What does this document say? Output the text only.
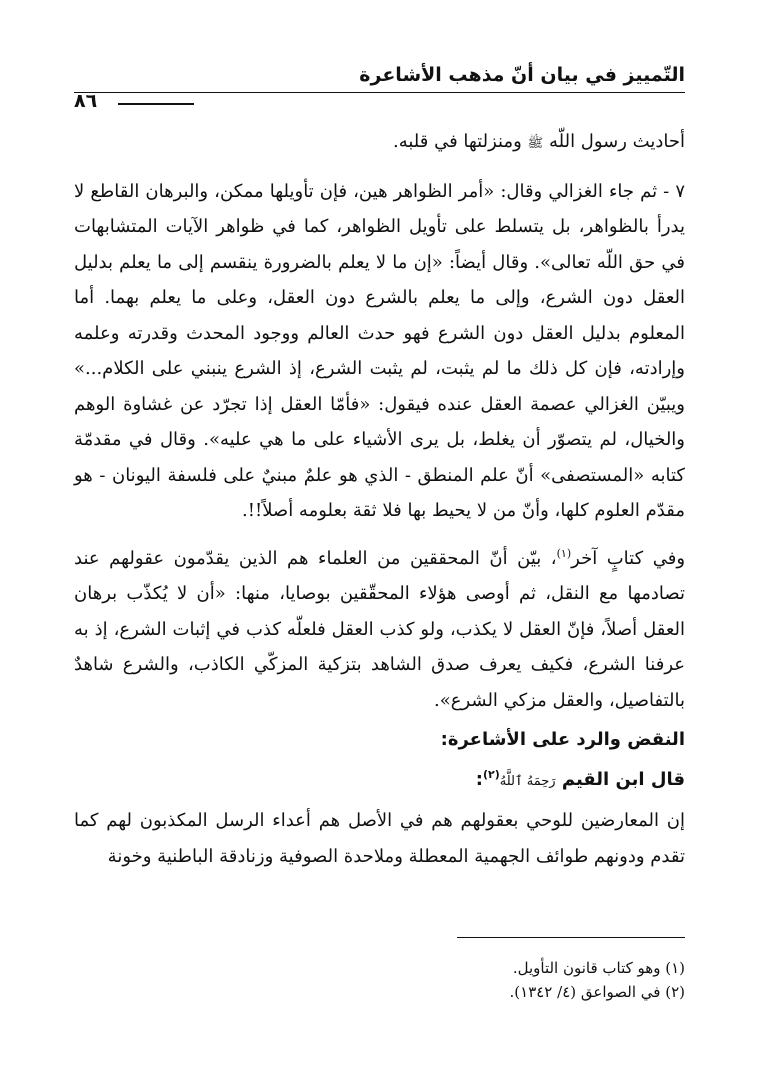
التّمييز في بيان أنّ مذهب الأشاعرة
٨٦

أحاديث رسول اللّه ﷺ ومنزلتها في قلبه.

٧ - ثم جاء الغزالي وقال: «أمر الظواهر هين، فإن تأويلها ممكن، والبرهان القاطع لا يدرأ بالظواهر، بل يتسلط على تأويل الظواهر، كما في ظواهر الآيات المتشابهات في حق اللّه تعالى». وقال أيضاً: «إن ما لا يعلم بالضرورة ينقسم إلى ما يعلم بدليل العقل دون الشرع، وإلى ما يعلم بالشرع دون العقل، وعلى ما يعلم بهما. أما المعلوم بدليل العقل دون الشرع فهو حدث العالم ووجود المحدث وقدرته وعلمه وإرادته، فإن كل ذلك ما لم يثبت، لم يثبت الشرع، إذ الشرع ينبني على الكلام...» ويبيّن الغزالي عصمة العقل عنده فيقول: «فأمّا العقل إذا تجرّد عن غشاوة الوهم والخيال، لم يتصوّر أن يغلط، بل يرى الأشياء على ما هي عليه». وقال في مقدمّة كتابه «المستصفى» أنّ علم المنطق - الذي هو علمٌ مبنيٌ على فلسفة اليونان - هو مقدّم العلوم كلها، وأنّ من لا يحيط بها فلا ثقة بعلومه أصلاً!!.

وفي كتابٍ آخر$^{(١)}$، بيّن أنّ المحققين من العلماء هم الذين يقدّمون عقولهم عند تصادمها مع النقل، ثم أوصى هؤلاء المحقّقين بوصايا، منها: «أن لا يُكذّب برهان العقل أصلاً، فإنّ العقل لا يكذب، ولو كذب العقل فلعلّه كذب في إثبات الشرع، إذ به عرفنا الشرع، فكيف يعرف صدق الشاهد بتزكية المزكّي الكاذب، والشرع شاهدٌ بالتفاصيل، والعقل مزكي الشرع».

النقض والرد على الأشاعرة:

قال ابن القيم رَحِمَهُ ٱللَّهُ$^{(٢)}$:

إن المعارضين للوحي بعقولهم هم في الأصل هم أعداء الرسل المكذبون لهم كما تقدم ودونهم طوائف الجهمية المعطلة وملاحدة الصوفية وزنادقة الباطنية وخونة

(١) وهو كتاب قانون التأويل.
(٢) في الصواعق (٤/ ١٣٤٢).
